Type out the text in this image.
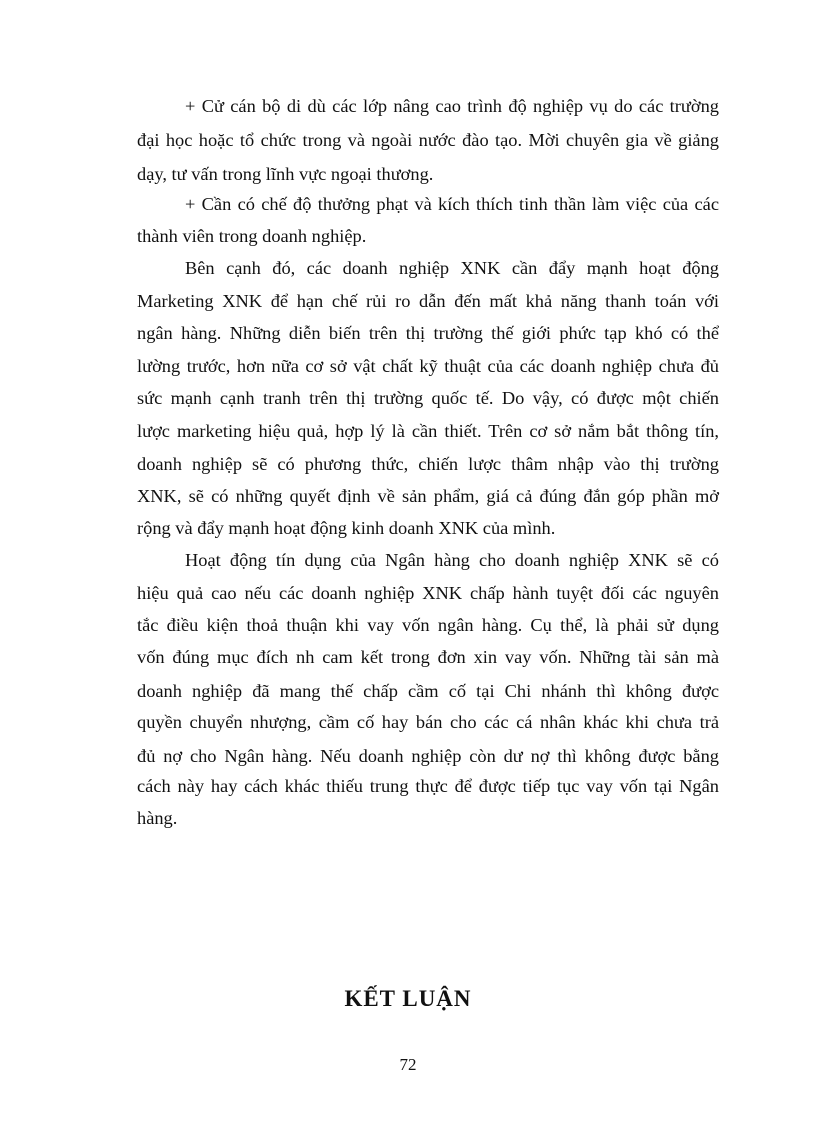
+ Cử cán bộ di dù các lớp nâng cao trình độ nghiệp vụ do các trường
đại học hoặc tổ chức trong và ngoài nước đào tạo. Mời chuyên gia về giảng
dạy, tư vấn trong lĩnh vực ngoại thương.
+ Cần có chế độ thưởng phạt và kích thích tinh thần làm việc của các
thành viên trong doanh nghiệp.
Bên cạnh đó, các doanh nghiệp XNK cần đẩy mạnh hoạt động
Marketing XNK để hạn chế rủi ro dẫn đến mất khả năng thanh toán với
ngân hàng. Những diễn biến trên thị trường thế giới phức tạp khó có thể
lường trước, hơn nữa cơ sở vật chất kỹ thuật của các doanh nghiệp chưa đủ
sức mạnh cạnh tranh trên thị trường quốc tế. Do vậy, có được một chiến
lược marketing hiệu quả, hợp lý là cần thiết. Trên cơ sở nắm bắt thông tín,
doanh nghiệp sẽ có phương thức, chiến lược thâm nhập vào thị trường
XNK, sẽ có những quyết định về sản phẩm, giá cả đúng đắn góp phần mở
rộng và đẩy mạnh hoạt động kinh doanh XNK của mình.
Hoạt động tín dụng của Ngân hàng cho doanh nghiệp XNK sẽ có
hiệu quả cao nếu các doanh nghiệp XNK chấp hành tuyệt đối các nguyên
tắc điều kiện thoả thuận khi vay vốn ngân hàng. Cụ thể, là phải sử dụng
vốn đúng mục đích nh cam kết trong đơn xin vay vốn. Những tài sản mà
doanh nghiệp đã mang thế chấp cầm cố tại Chi nhánh thì không được
quyền chuyển nhượng, cầm cố hay bán cho các cá nhân khác khi chưa trả
đủ nợ cho Ngân hàng. Nếu doanh nghiệp còn dư nợ thì không được bằng
cách này hay cách khác thiếu trung thực để được tiếp tục vay vốn tại Ngân
hàng.
KẾT LUẬN
72
